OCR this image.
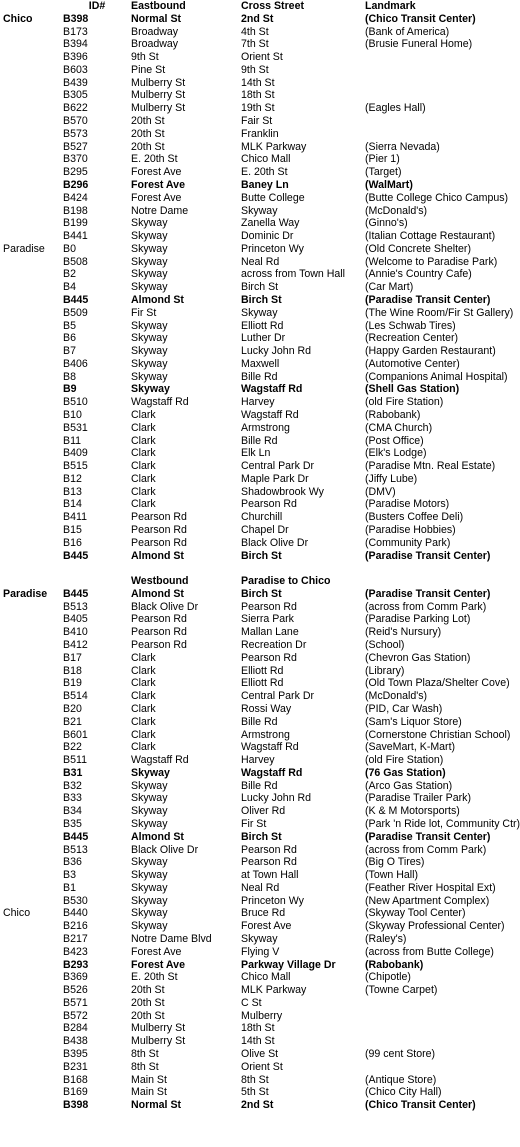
	ID#	Eastbound	Cross Street	Landmark
Chico	B398	Normal St	2nd St	(Chico Transit Center)
	B173	Broadway	4th St	(Bank of America)
	B394	Broadway	7th St	(Brusie Funeral Home)
	B396	9th St	Orient St	
	B603	Pine St	9th St	
	B439	Mulberry St	14th St	
	B305	Mulberry St	18th St	
	B622	Mulberry St	19th St	(Eagles Hall)
	B570	20th St	Fair St	
	B573	20th St	Franklin	
	B527	20th St	MLK Parkway	(Sierra Nevada)
	B370	E. 20th St	Chico Mall	(Pier 1)
	B295	Forest Ave	E. 20th St	(Target)
	B296	Forest Ave	Baney Ln	(WalMart)
	B424	Forest Ave	Butte College	(Butte College Chico Campus)
	B198	Notre Dame	Skyway	(McDonald's)
	B199	Skyway	Zanella Way	(Ginno's)
	B441	Skyway	Dominic Dr	(Italian Cottage Restaurant)
Paradise	B0	Skyway	Princeton Wy	(Old Concrete Shelter)
	B508	Skyway	Neal Rd	(Welcome to Paradise Park)
	B2	Skyway	across from Town Hall	(Annie's Country Cafe)
	B4	Skyway	Birch St	(Car Mart)
	B445	Almond St	Birch St	(Paradise Transit Center)
	B509	Fir St	Skyway	(The Wine Room/Fir St Gallery)
	B5	Skyway	Elliott Rd	(Les Schwab Tires)
	B6	Skyway	Luther Dr	(Recreation Center)
	B7	Skyway	Lucky John Rd	(Happy Garden Restaurant)
	B406	Skyway	Maxwell	(Automotive Center)
	B8	Skyway	Bille Rd	(Companions Animal Hospital)
	B9	Skyway	Wagstaff Rd	(Shell Gas Station)
	B510	Wagstaff Rd	Harvey	(old Fire Station)
	B10	Clark	Wagstaff Rd	(Rabobank)
	B531	Clark	Armstrong	(CMA Church)
	B11	Clark	Bille Rd	(Post Office)
	B409	Clark	Elk Ln	(Elk's Lodge)
	B515	Clark	Central Park Dr	(Paradise Mtn. Real Estate)
	B12	Clark	Maple Park Dr	(Jiffy Lube)
	B13	Clark	Shadowbrook Wy	(DMV)
	B14	Clark	Pearson Rd	(Paradise Motors)
	B411	Pearson Rd	Churchill	(Busters Coffee Deli)
	B15	Pearson Rd	Chapel Dr	(Paradise Hobbies)
	B16	Pearson Rd	Black Olive Dr	(Community Park)
	B445	Almond St	Birch St	(Paradise Transit Center)

		Westbound	Paradise to Chico	
Paradise	B445	Almond St	Birch St	(Paradise Transit Center)
	B513	Black Olive Dr	Pearson Rd	(across from Comm Park)
	B405	Pearson Rd	Sierra Park	(Paradise Parking Lot)
	B410	Pearson Rd	Mallan Lane	(Reid's Nursury)
	B412	Pearson Rd	Recreation Dr	(School)
	B17	Clark	Pearson Rd	(Chevron Gas Station)
	B18	Clark	Elliott Rd	(Library)
	B19	Clark	Elliott Rd	(Old Town Plaza/Shelter Cove)
	B514	Clark	Central Park Dr	(McDonald's)
	B20	Clark	Rossi Way	(PID, Car Wash)
	B21	Clark	Bille Rd	(Sam's Liquor Store)
	B601	Clark	Armstrong	(Cornerstone Christian School)
	B22	Clark	Wagstaff Rd	(SaveMart, K-Mart)
	B511	Wagstaff Rd	Harvey	(old Fire Station)
	B31	Skyway	Wagstaff Rd	(76 Gas Station)
	B32	Skyway	Bille Rd	(Arco Gas Station)
	B33	Skyway	Lucky John Rd	(Paradise Trailer Park)
	B34	Skyway	Oliver Rd	(K & M Motorsports)
	B35	Skyway	Fir St	(Park 'n Ride lot, Community Ctr)
	B445	Almond St	Birch St	(Paradise Transit Center)
	B513	Black Olive Dr	Pearson Rd	(across from Comm Park)
	B36	Skyway	Pearson Rd	(Big O Tires)
	B3	Skyway	at Town Hall	(Town Hall)
	B1	Skyway	Neal Rd	(Feather River Hospital Ext)
	B530	Skyway	Princeton Wy	(New Apartment Complex)
Chico	B440	Skyway	Bruce Rd	(Skyway Tool Center)
	B216	Skyway	Forest Ave	(Skyway Professional Center)
	B217	Notre Dame Blvd	Skyway	(Raley's)
	B423	Forest Ave	Flying V	(across from Butte College)
	B293	Forest Ave	Parkway Village Dr	(Rabobank)
	B369	E. 20th St	Chico Mall	(Chipotle)
	B526	20th St	MLK Parkway	(Towne Carpet)
	B571	20th St	C St	
	B572	20th St	Mulberry	
	B284	Mulberry St	18th St	
	B438	Mulberry St	14th St	
	B395	8th St	Olive St	(99 cent Store)
	B231	8th St	Orient St	
	B168	Main St	8th St	(Antique Store)
	B169	Main St	5th St	(Chico City Hall)
	B398	Normal St	2nd St	(Chico Transit Center)
